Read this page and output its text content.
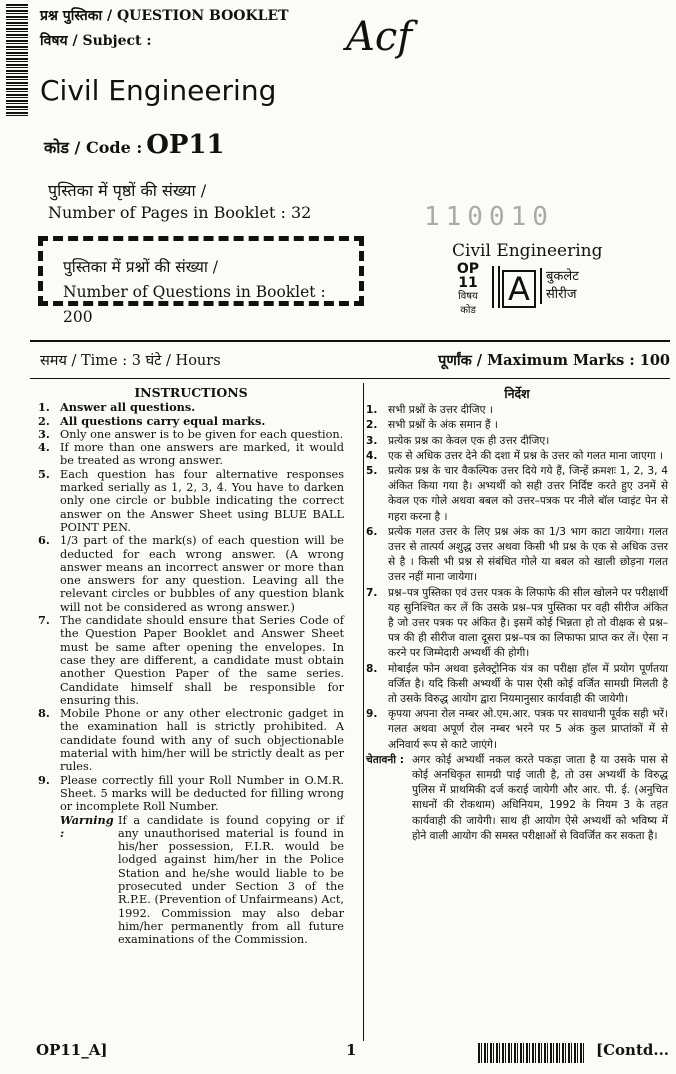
प्रश्न पुस्तिका / QUESTION BOOKLET
विषय / Subject :	Acf
Civil Engineering
कोड / Code : OP11
पुस्तिका में पृष्ठों की संख्या /
Number of Pages in Booklet : 32
पुस्तिका में प्रश्नों की संख्या /
Number of Questions in Booklet : 200
110010
Civil Engineering
OP
11
विषय कोड
A	बुकलेट
सीरीज
समय / Time : 3 घंटे / Hours	पूर्णांक / Maximum Marks : 100
INSTRUCTIONS
1. Answer all questions.
2. All questions carry equal marks.
3. Only one answer is to be given for each question.
4. If more than one answers are marked, it would be treated as wrong answer.
5. Each question has four alternative responses marked serially as 1, 2, 3, 4. You have to darken only one circle or bubble indicating the correct answer on the Answer Sheet using BLUE BALL POINT PEN.
6. 1/3 part of the mark(s) of each question will be deducted for each wrong answer. (A wrong answer means an incorrect answer or more than one answers for any question. Leaving all the relevant circles or bubbles of any question blank will not be considered as wrong answer.)
7. The candidate should ensure that Series Code of the Question Paper Booklet and Answer Sheet must be same after opening the envelopes. In case they are different, a candidate must obtain another Question Paper of the same series. Candidate himself shall be responsible for ensuring this.
8. Mobile Phone or any other electronic gadget in the examination hall is strictly prohibited. A candidate found with any of such objectionable material with him/her will be strictly dealt as per rules.
9. Please correctly fill your Roll Number in O.M.R. Sheet. 5 marks will be deducted for filling wrong or incomplete Roll Number.
Warning :
If a candidate is found copying or if any unauthorised material is found in his/her possession, F.I.R. would be lodged against him/her in the Police Station and he/she would liable to be prosecuted under Section 3 of the R.P.E. (Prevention of Unfairmeans) Act, 1992. Commission may also debar him/her permanently from all future examinations of the Commission.
निर्देश
1. सभी प्रश्नों के उत्तर दीजिए ।
2. सभी प्रश्नों के अंक समान हैं ।
3. प्रत्येक प्रश्न का केवल एक ही उत्तर दीजिए।
4. एक से अधिक उत्तर देने की दशा में प्रश्न के उत्तर को गलत माना जाएगा ।
5. प्रत्येक प्रश्न के चार वैकल्पिक उत्तर दिये गये हैं, जिन्हें क्रमशः 1, 2, 3, 4 अंकित किया गया है। अभ्यर्थी को सही उत्तर निर्दिष्ट करते हुए उनमें से केवल एक गोले अथवा बबल को उत्तर–पत्रक पर नीले बॉल प्वाइंट पेन से गहरा करना है ।
6. प्रत्येक गलत उत्तर के लिए प्रश्न अंक का 1/3 भाग काटा जायेगा। गलत उत्तर से तात्पर्य अशुद्ध उत्तर अथवा किसी भी प्रश्न के एक से अधिक उत्तर से है । किसी भी प्रश्न से संबंधित गोले या बबल को खाली छोड़ना गलत उत्तर नहीं माना जायेगा।
7. प्रश्न–पत्र पुस्तिका एवं उत्तर पत्रक के लिफाफे की सील खोलने पर परीक्षार्थी यह सुनिश्चित कर लें कि उसके प्रश्न–पत्र पुस्तिका पर वही सीरीज अंकित है जो उत्तर पत्रक पर अंकित है। इसमें कोई भिन्नता हो तो वीक्षक से प्रश्न–पत्र की ही सीरीज वाला दूसरा प्रश्न–पत्र का लिफाफा प्राप्त कर लें। ऐसा न करने पर जिम्मेदारी अभ्यर्थी की होगी।
8. मोबाईल फोन अथवा इलेक्ट्रोनिक यंत्र का परीक्षा हॉल में प्रयोग पूर्णतया वर्जित है। यदि किसी अभ्यर्थी के पास ऐसी कोई वर्जित सामग्री मिलती है तो उसके विरुद्ध आयोग द्वारा नियमानुसार कार्यवाही की जायेगी।
9. कृपया अपना रोल नम्बर ओ.एम.आर. पत्रक पर सावधानी पूर्वक सही भरें। गलत अथवा अपूर्ण रोल नम्बर भरने पर 5 अंक कुल प्राप्तांकों में से अनिवार्य रूप से काटे जाएंगे।
चेतावनी : अगर कोई अभ्यर्थी नकल करते पकड़ा जाता है या उसके पास से कोई अनधिकृत सामग्री पाई जाती है, तो उस अभ्यर्थी के विरुद्ध पुलिस में प्राथमिकी दर्ज कराई जायेगी और आर. पी. ई. (अनुचित साधनों की रोकथाम) अधिनियम, 1992 के नियम 3 के तहत कार्यवाही की जायेगी। साथ ही आयोग ऐसे अभ्यर्थी को भविष्य में होने वाली आयोग की समस्त परीक्षाओं से विवर्जित कर सकता है।
OP11_A]	1	[Contd...
